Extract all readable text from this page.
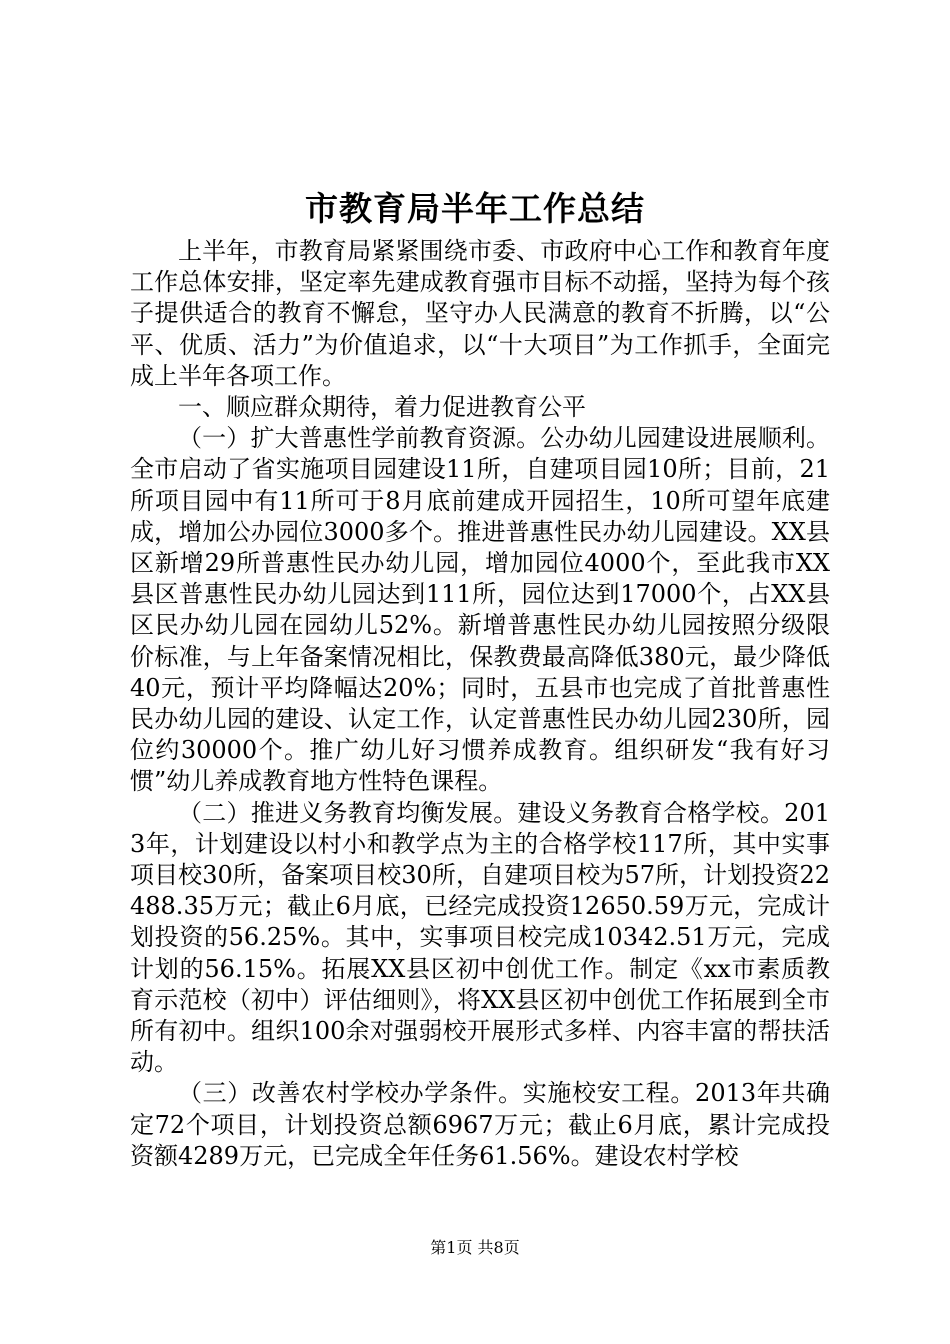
市教育局半年工作总结

上半年，市教育局紧紧围绕市委、市政府中心工作和教育年度工作总体安排，坚定率先建成教育强市目标不动摇，坚持为每个孩子提供适合的教育不懈怠，坚守办人民满意的教育不折腾，以“公平、优质、活力”为价值追求，以“十大项目”为工作抓手，全面完成上半年各项工作。

一、顺应群众期待，着力促进教育公平

（一）扩大普惠性学前教育资源。公办幼儿园建设进展顺利。全市启动了省实施项目园建设11所，自建项目园10所；目前，21所项目园中有11所可于8月底前建成开园招生，10所可望年底建成，增加公办园位3000多个。推进普惠性民办幼儿园建设。XX县区新增29所普惠性民办幼儿园，增加园位4000个，至此我市XX县区普惠性民办幼儿园达到111所，园位达到17000个，占XX县区民办幼儿园在园幼儿52%。新增普惠性民办幼儿园按照分级限价标准，与上年备案情况相比，保教费最高降低380元，最少降低40元，预计平均降幅达20%；同时，五县市也完成了首批普惠性民办幼儿园的建设、认定工作，认定普惠性民办幼儿园230所，园位约30000个。推广幼儿好习惯养成教育。组织研发“我有好习惯”幼儿养成教育地方性特色课程。

（二）推进义务教育均衡发展。建设义务教育合格学校。2013年，计划建设以村小和教学点为主的合格学校117所，其中实事项目校30所，备案项目校30所，自建项目校为57所，计划投资22488.35万元；截止6月底，已经完成投资12650.59万元，完成计划投资的56.25%。其中，实事项目校完成10342.51万元，完成计划的56.15%。拓展XX县区初中创优工作。制定《xx市素质教育示范校（初中）评估细则》，将XX县区初中创优工作拓展到全市所有初中。组织100余对强弱校开展形式多样、内容丰富的帮扶活动。

（三）改善农村学校办学条件。实施校安工程。2013年共确定72个项目，计划投资总额6967万元；截止6月底，累计完成投资额4289万元，已完成全年任务61.56%。建设农村学校

第1页 共8页
